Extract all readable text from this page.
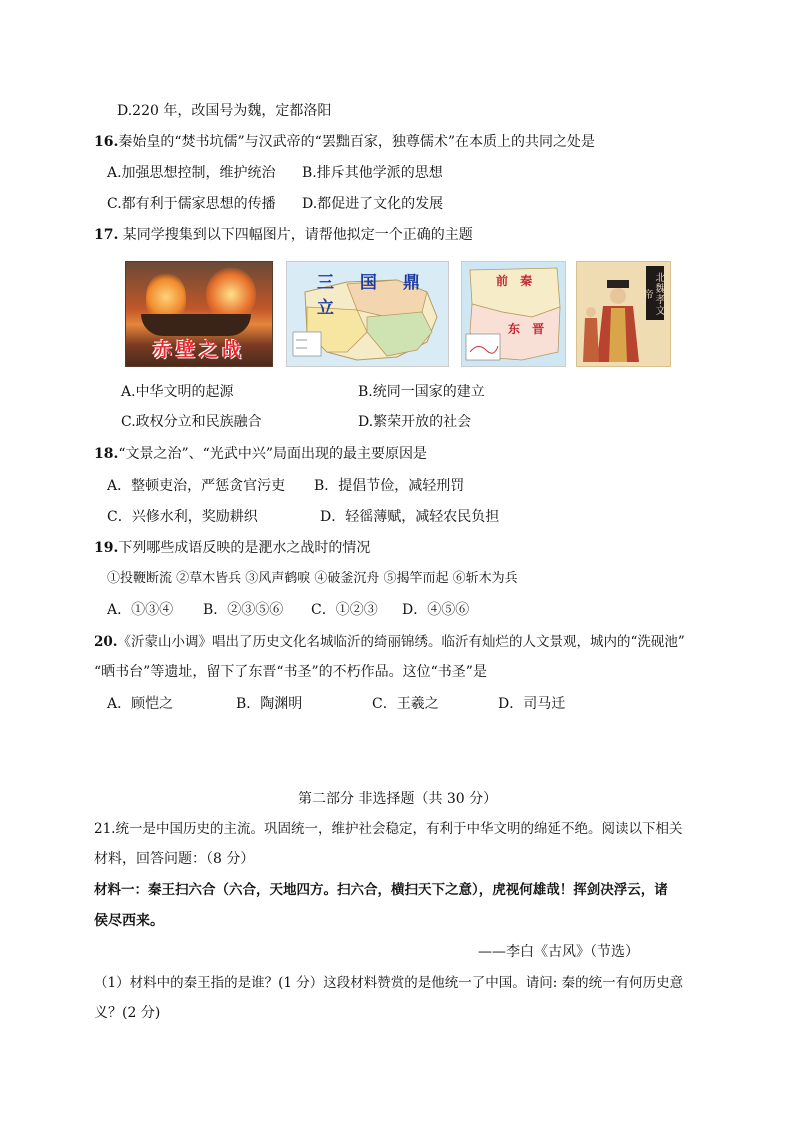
D.220 年，改国号为魏，定都洛阳
16.秦始皇的“焚书坑儒”与汉武帝的“罢黜百家，独尊儒术”在本质上的共同之处是
A.加强思想控制，维护统治 B.排斥其他学派的思想
C.都有利于儒家思想的传播 D.都促进了文化的发展
17. 某同学搜集到以下四幅图片，请帮他拟定一个正确的主题
赤壁之战
三 国 鼎 立
前 秦
东 晋
北魏孝文帝
A.中华文明的起源	B.统同一国家的建立
C.政权分立和民族融合	D.繁荣开放的社会
18.“文景之治”、“光武中兴”局面出现的最主要原因是
A．整顿吏治，严惩贪官污吏 B．提倡节俭，减轻刑罚
C．兴修水利，奖励耕织	D．轻徭薄赋，减轻农民负担
19.下列哪些成语反映的是淝水之战时的情况
①投鞭断流 ②草木皆兵 ③风声鹤唳 ④破釜沉舟 ⑤揭竿而起 ⑥斩木为兵
A．①③④ B．②③⑤⑥ C．①②③ D．④⑤⑥
20.《沂蒙山小调》唱出了历史文化名城临沂的绮丽锦绣。临沂有灿烂的人文景观，城内的“洗砚池”
“晒书台”等遗址，留下了东晋“书圣”的不朽作品。这位“书圣”是
A．顾恺之	B．陶渊明	C．王羲之	D．司马迁
第二部分 非选择题（共 30 分）
21.统一是中国历史的主流。巩固统一，维护社会稳定，有利于中华文明的绵延不绝。阅读以下相关
材料，回答问题：（8 分）
材料一：秦王扫六合（六合，天地四方。扫六合，横扫天下之意），虎视何雄哉！挥剑决浮云，诸
侯尽西来。
——李白《古风》（节选）
（1）材料中的秦王指的是谁？(1 分）这段材料赞赏的是他统一了中国。请问: 秦的统一有何历史意
义？(2 分)
